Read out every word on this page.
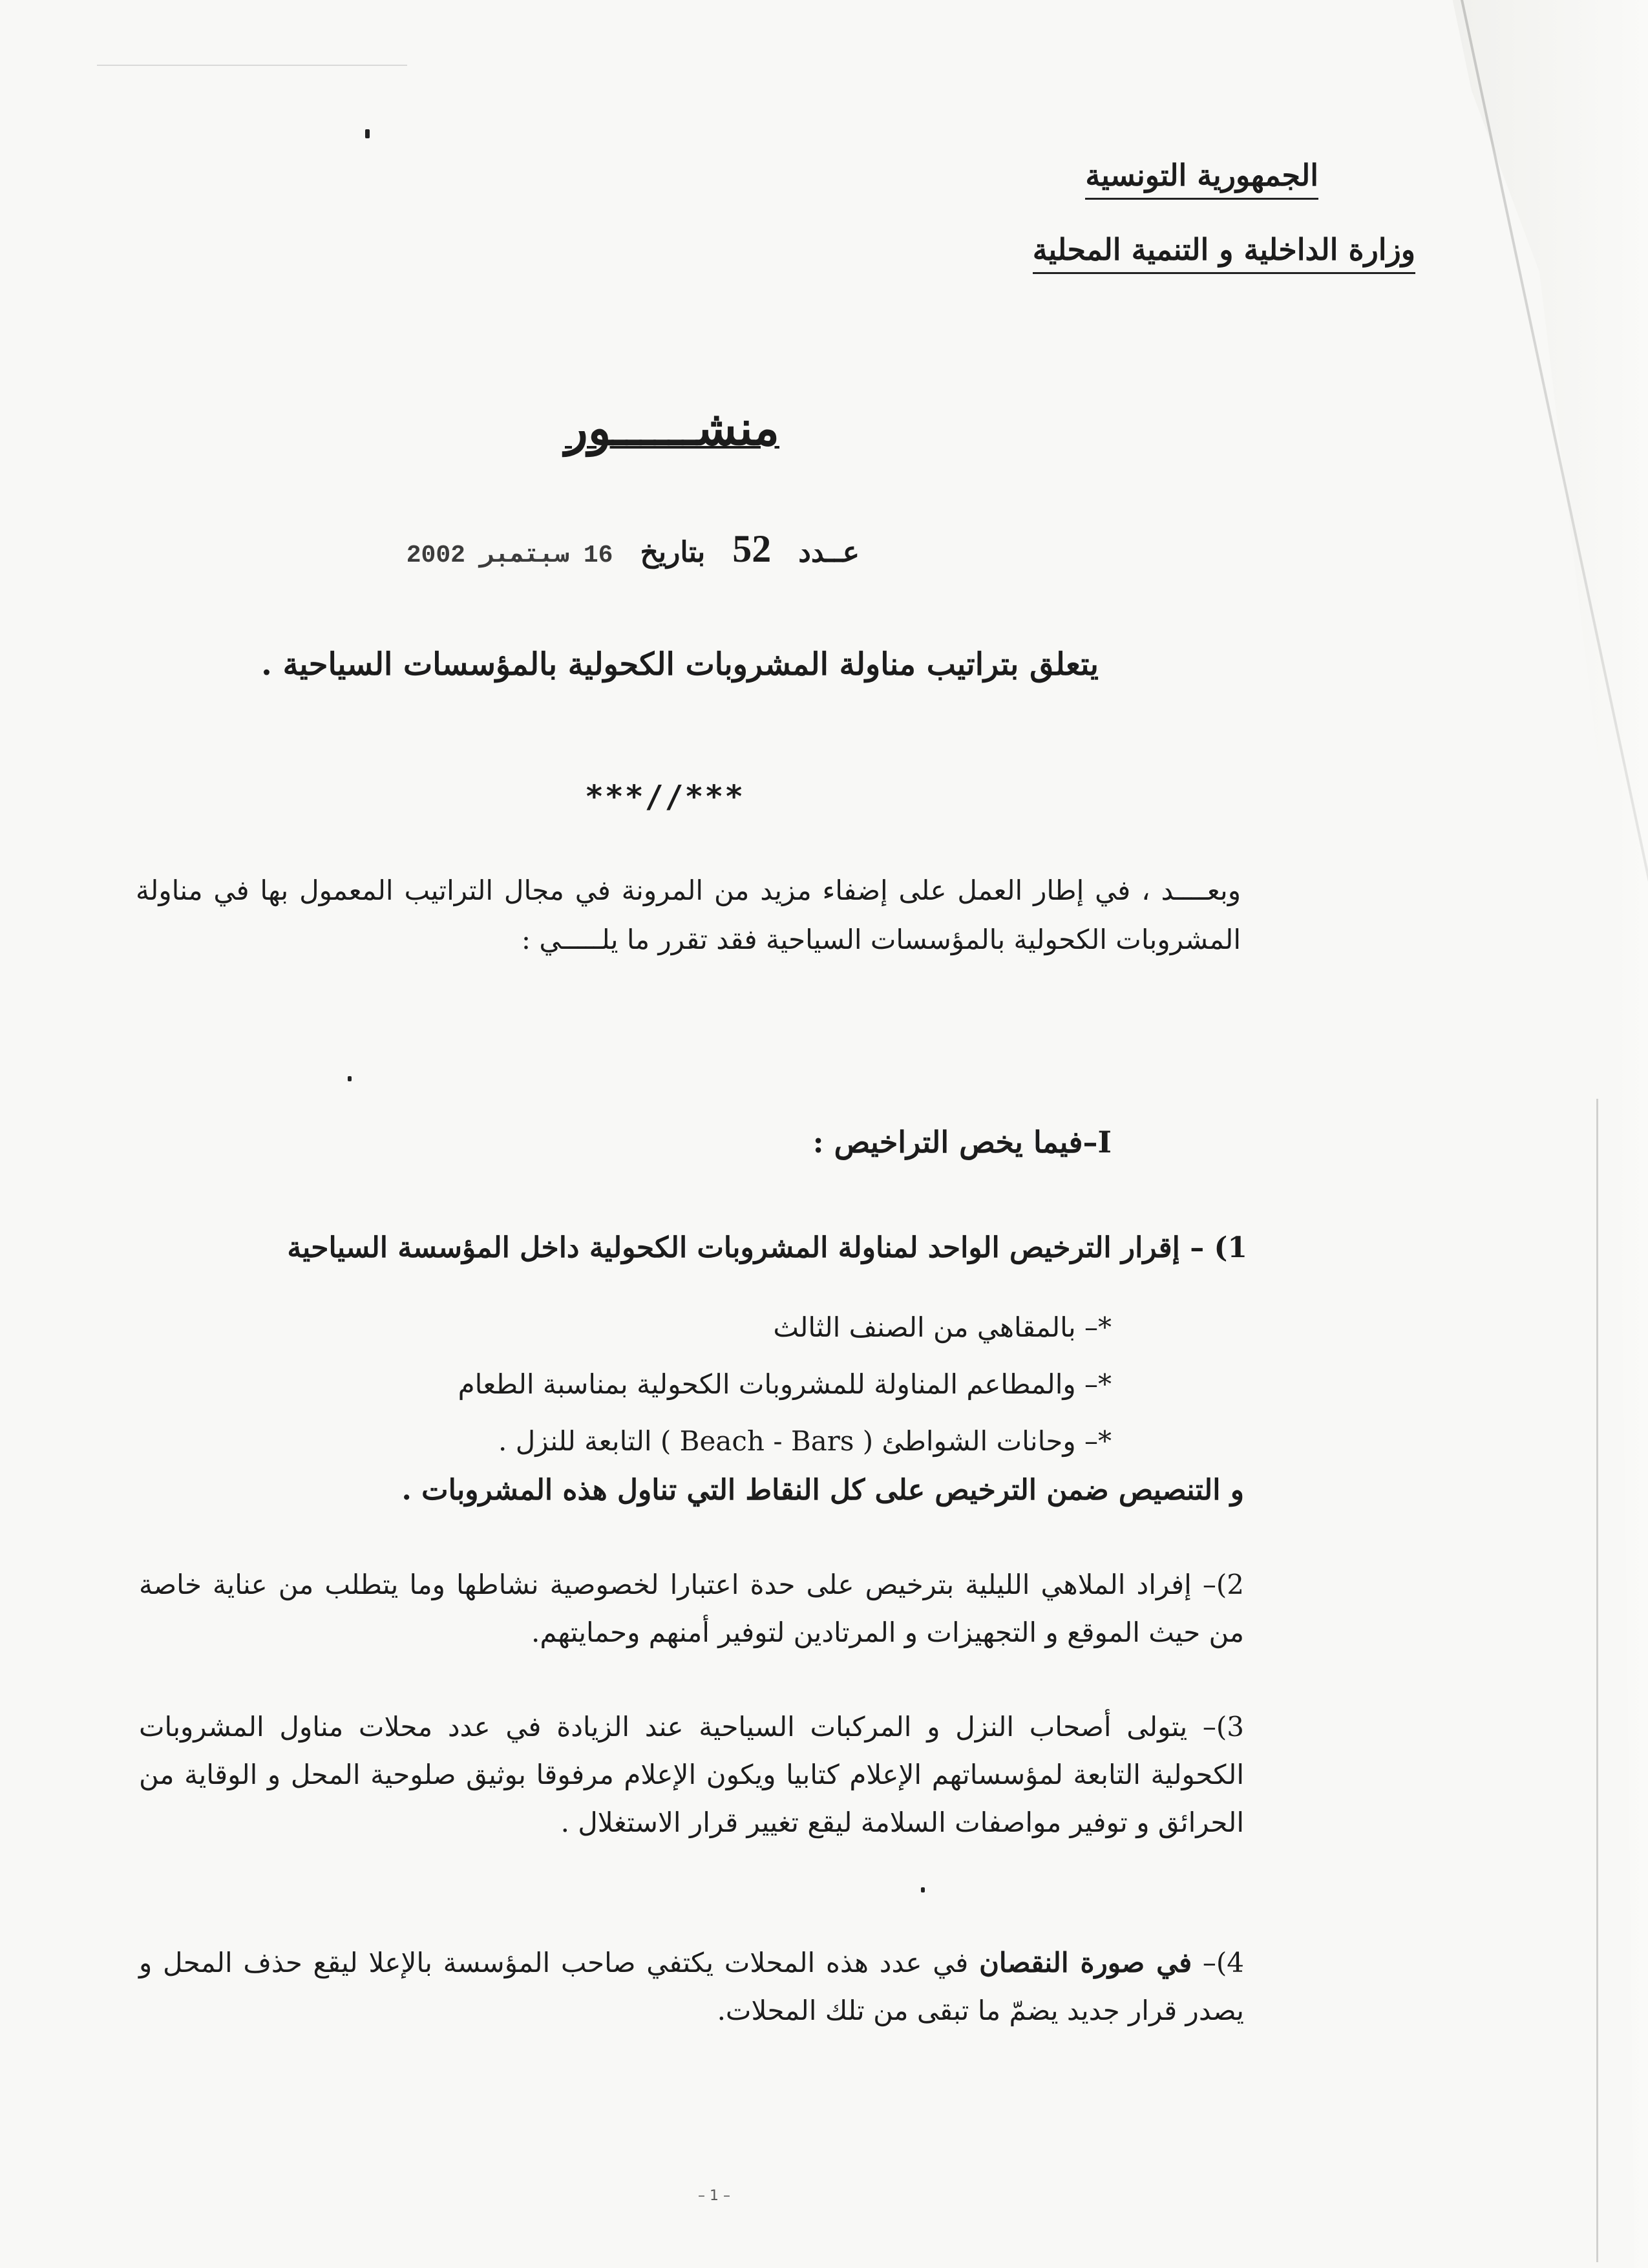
الجمهورية التونسية
وزارة الداخلية و التنمية المحلية
منشــــــور
عــدد
52
بتاريخ
16 سبتمبر 2002
يتعلق بتراتيب مناولة المشروبات الكحولية بالمؤسسات السياحية .
***//***
وبعــــد ، في إطار العمل على إضفاء مزيد من المرونة في مجال التراتيب المعمول بها في مناولة المشروبات الكحولية بالمؤسسات السياحية فقد تقرر ما يلـــــي :
I–فيما يخص التراخيص :
1) – إقرار الترخيص الواحد لمناولة المشروبات الكحولية داخل المؤسسة السياحية
*– بالمقاهي من الصنف الثالث
*– والمطاعم المناولة للمشروبات الكحولية بمناسبة الطعام
*– وحانات الشواطئ ( Beach - Bars ) التابعة للنزل .
و التنصيص ضمن الترخيص على كل النقاط التي تناول هذه المشروبات .
2)– إفراد الملاهي الليلية بترخيص على حدة اعتبارا لخصوصية نشاطها وما يتطلب من عناية خاصة من حيث الموقع و التجهيزات و المرتادين لتوفير أمنهم وحمايتهم.
3)– يتولى أصحاب النزل و المركبات السياحية عند الزيادة في عدد محلات مناول المشروبات الكحولية التابعة لمؤسساتهم الإعلام كتابيا ويكون الإعلام مرفوقا بوثيق صلوحية المحل و الوقاية من الحرائق و توفير مواصفات السلامة ليقع تغيير قرار الاستغلال .
4)– في صورة النقصان في عدد هذه المحلات يكتفي صاحب المؤسسة بالإعلا ليقع حذف المحل و يصدر قرار جديد يضمّ ما تبقى من تلك المحلات.
– 1 –
